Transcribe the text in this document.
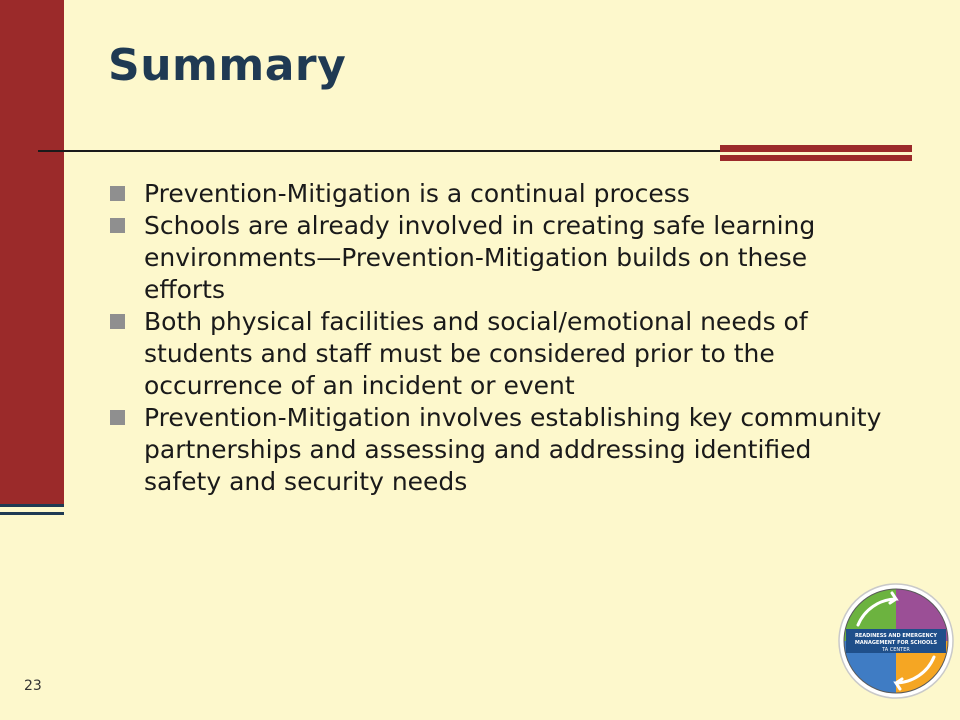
Summary
Prevention-Mitigation is a continual process
Schools are already involved in creating safe learning environments—Prevention-Mitigation builds on these efforts
Both physical facilities and social/emotional needs of students and staff must be considered prior to the occurrence of an incident or event
Prevention-Mitigation involves establishing key community partnerships and assessing and addressing identified safety and security needs
23
READINESS AND EMERGENCY
MANAGEMENT FOR SCHOOLS
TA CENTER
